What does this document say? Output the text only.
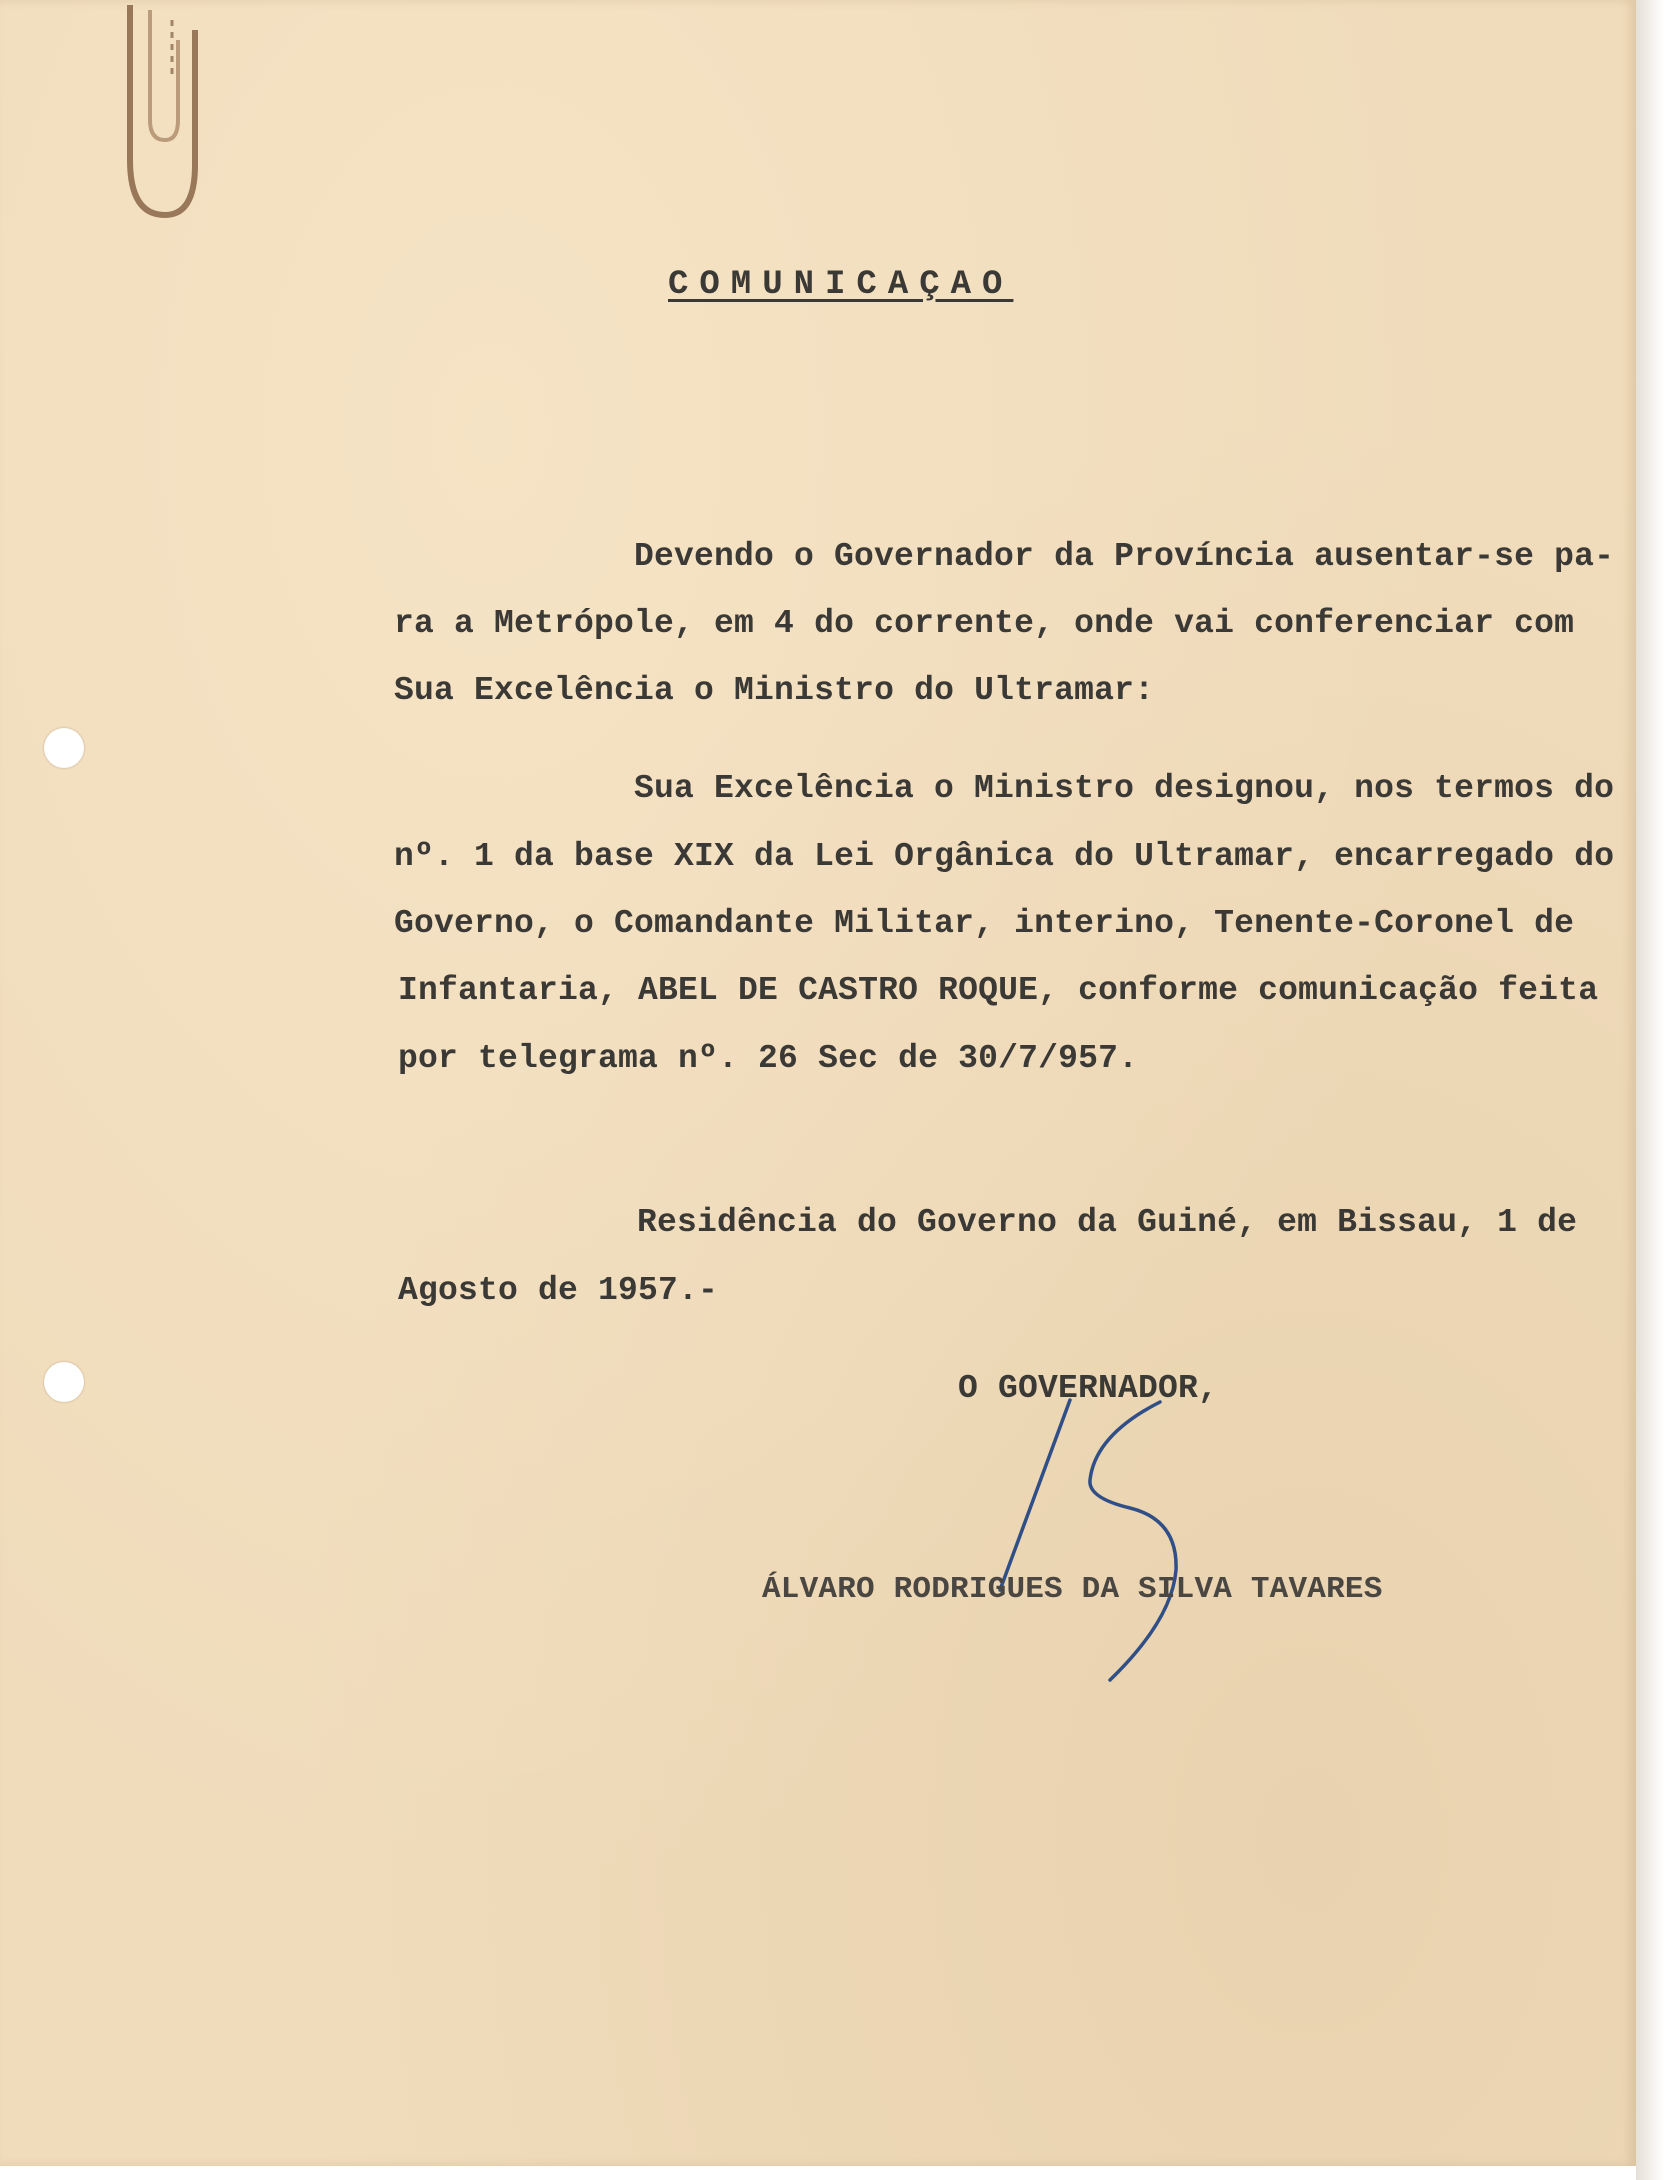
COMUNICAÇAO
Devendo o Governador da Província ausentar-se pa-
ra a Metrópole, em 4 do corrente, onde vai conferenciar com
Sua Excelência o Ministro do Ultramar:
Sua Excelência o Ministro designou, nos termos do
nº. 1 da base XIX da Lei Orgânica do Ultramar, encarregado do
Governo, o Comandante Militar, interino, Tenente-Coronel de
Infantaria, ABEL DE CASTRO ROQUE, conforme comunicação feita
por telegrama nº. 26 Sec de 30/7/957.
Residência do Governo da Guiné, em Bissau, 1 de
Agosto de 1957.-
O GOVERNADOR,
ÁLVARO RODRIGUES DA SILVA TAVARES
